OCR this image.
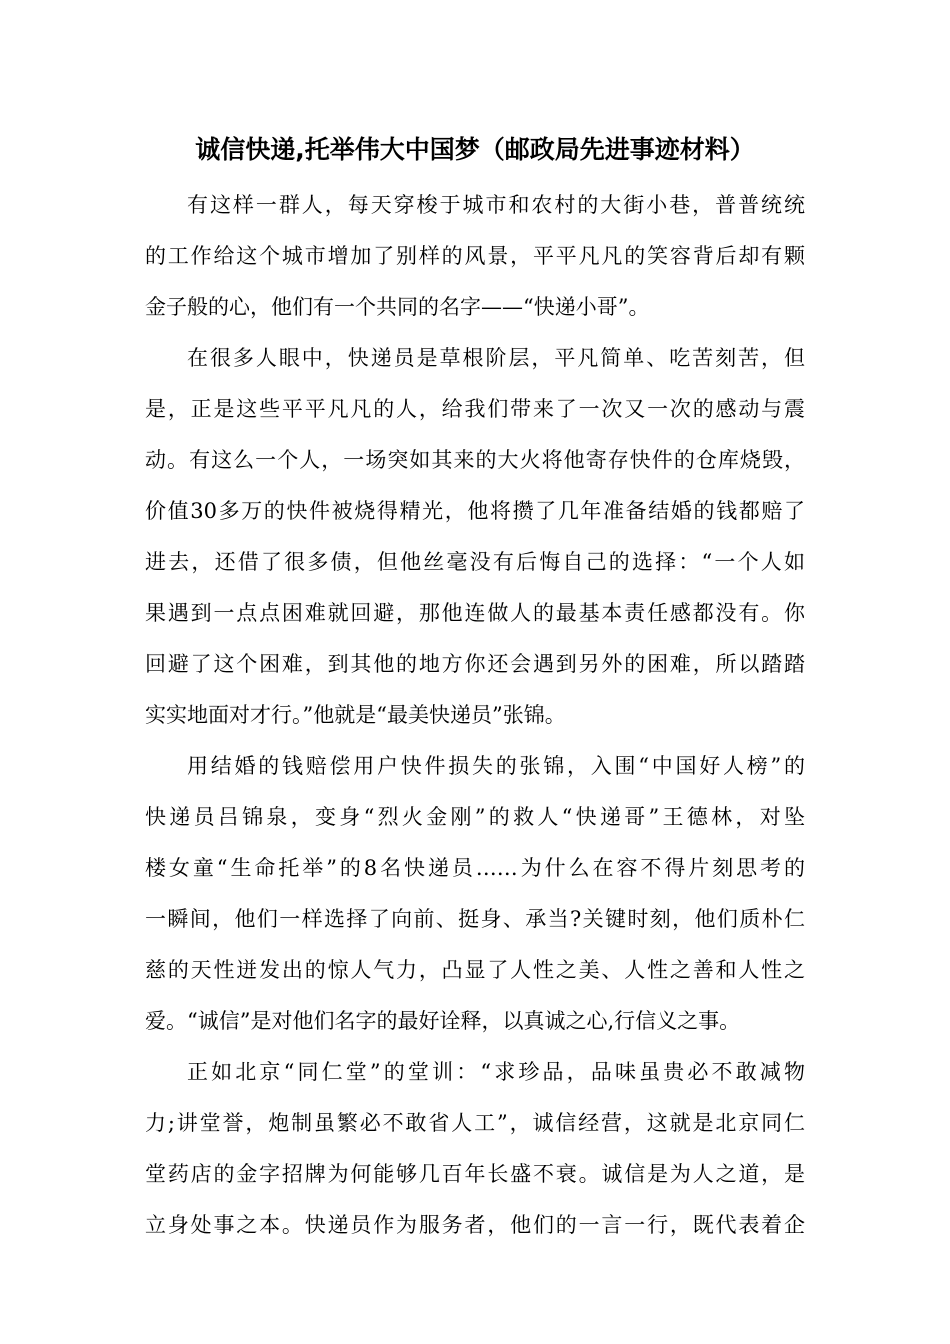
诚信快递,托举伟大中国梦（邮政局先进事迹材料）
有这样一群人，每天穿梭于城市和农村的大街小巷，普普统统
的工作给这个城市增加了别样的风景，平平凡凡的笑容背后却有颗
金子般的心，他们有一个共同的名字——“快递小哥”。
在很多人眼中，快递员是草根阶层，平凡简单、吃苦刻苦，但
是，正是这些平平凡凡的人，给我们带来了一次又一次的感动与震
动。有这么一个人，一场突如其来的大火将他寄存快件的仓库烧毁，
价值30多万的快件被烧得精光，他将攒了几年准备结婚的钱都赔了
进去，还借了很多债，但他丝毫没有后悔自己的选择：“一个人如
果遇到一点点困难就回避，那他连做人的最基本责任感都没有。你
回避了这个困难，到其他的地方你还会遇到另外的困难，所以踏踏
实实地面对才行。”他就是“最美快递员”张锦。
用结婚的钱赔偿用户快件损失的张锦，入围“中国好人榜”的
快递员吕锦泉，变身“烈火金刚”的救人“快递哥”王德林，对坠
楼女童“生命托举”的8名快递员……为什么在容不得片刻思考的
一瞬间，他们一样选择了向前、挺身、承当?关键时刻，他们质朴仁
慈的天性迸发出的惊人气力，凸显了人性之美、人性之善和人性之
爱。“诚信”是对他们名字的最好诠释，以真诚之心,行信义之事。
正如北京“同仁堂”的堂训：“求珍品，品味虽贵必不敢减物
力;讲堂誉，炮制虽繁必不敢省人工”，诚信经营，这就是北京同仁
堂药店的金字招牌为何能够几百年长盛不衰。诚信是为人之道，是
立身处事之本。快递员作为服务者，他们的一言一行，既代表着企
